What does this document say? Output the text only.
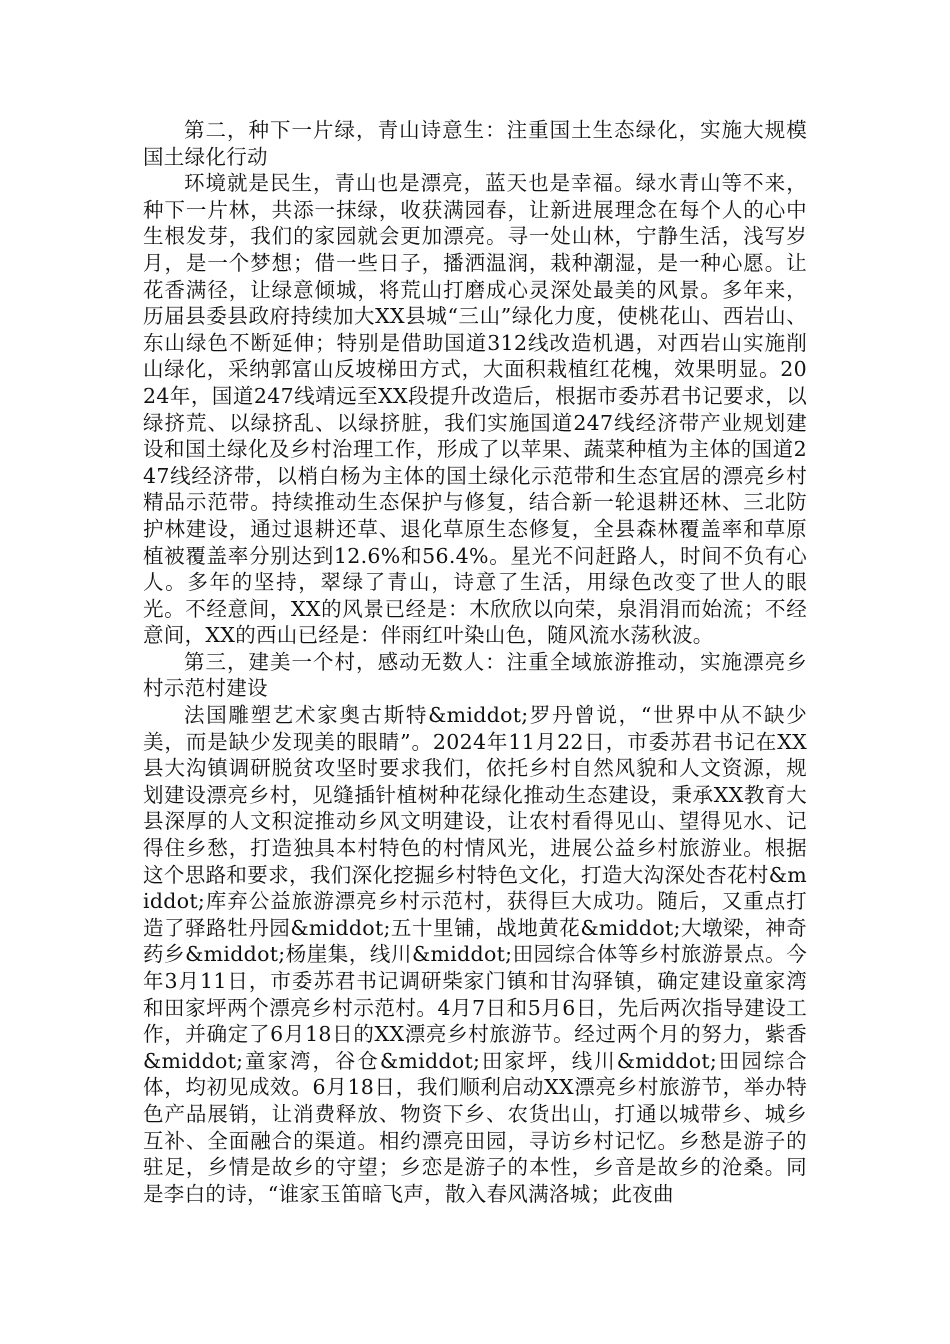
第二，种下一片绿，青山诗意生：注重国土生态绿化，实施大规模国土绿化行动

环境就是民生，青山也是漂亮，蓝天也是幸福。绿水青山等不来，种下一片林，共添一抹绿，收获满园春，让新进展理念在每个人的心中生根发芽，我们的家园就会更加漂亮。寻一处山林，宁静生活，浅写岁月，是一个梦想；借一些日子，播洒温润，栽种潮湿，是一种心愿。让花香满径，让绿意倾城，将荒山打磨成心灵深处最美的风景。多年来，历届县委县政府持续加大XX县城“三山”绿化力度，使桃花山、西岩山、东山绿色不断延伸；特别是借助国道312线改造机遇，对西岩山实施削山绿化，采纳郭富山反坡梯田方式，大面积栽植红花槐，效果明显。2024年，国道247线靖远至XX段提升改造后，根据市委苏君书记要求，以绿挤荒、以绿挤乱、以绿挤脏，我们实施国道247线经济带产业规划建设和国土绿化及乡村治理工作，形成了以苹果、蔬菜种植为主体的国道247线经济带，以梢白杨为主体的国土绿化示范带和生态宜居的漂亮乡村精品示范带。持续推动生态保护与修复，结合新一轮退耕还林、三北防护林建设，通过退耕还草、退化草原生态修复，全县森林覆盖率和草原植被覆盖率分别达到12.6%和56.4%。星光不问赶路人，时间不负有心人。多年的坚持，翠绿了青山，诗意了生活，用绿色改变了世人的眼光。不经意间，XX的风景已经是：木欣欣以向荣，泉涓涓而始流；不经意间，XX的西山已经是：伴雨红叶染山色，随风流水荡秋波。

第三，建美一个村，感动无数人：注重全域旅游推动，实施漂亮乡村示范村建设

法国雕塑艺术家奥古斯特&middot;罗丹曾说，“世界中从不缺少美，而是缺少发现美的眼睛”。2024年11月22日，市委苏君书记在XX县大沟镇调研脱贫攻坚时要求我们，依托乡村自然风貌和人文资源，规划建设漂亮乡村，见缝插针植树种花绿化推动生态建设，秉承XX教育大县深厚的人文积淀推动乡风文明建设，让农村看得见山、望得见水、记得住乡愁，打造独具本村特色的村情风光，进展公益乡村旅游业。根据这个思路和要求，我们深化挖掘乡村特色文化，打造大沟深处杏花村&middot;库弃公益旅游漂亮乡村示范村，获得巨大成功。随后，又重点打造了驿路牡丹园&middot;五十里铺，战地黄花&middot;大墩梁，神奇药乡&middot;杨崖集，线川&middot;田园综合体等乡村旅游景点。今年3月11日，市委苏君书记调研柴家门镇和甘沟驿镇，确定建设童家湾和田家坪两个漂亮乡村示范村。4月7日和5月6日，先后两次指导建设工作，并确定了6月18日的XX漂亮乡村旅游节。经过两个月的努力，紫香&middot;童家湾，谷仓&middot;田家坪，线川&middot;田园综合体，均初见成效。6月18日，我们顺利启动XX漂亮乡村旅游节，举办特色产品展销，让消费释放、物资下乡、农货出山，打通以城带乡、城乡互补、全面融合的渠道。相约漂亮田园，寻访乡村记忆。乡愁是游子的驻足，乡情是故乡的守望；乡恋是游子的本性，乡音是故乡的沧桑。同是李白的诗，“谁家玉笛暗飞声，散入春风满洛城；此夜曲
